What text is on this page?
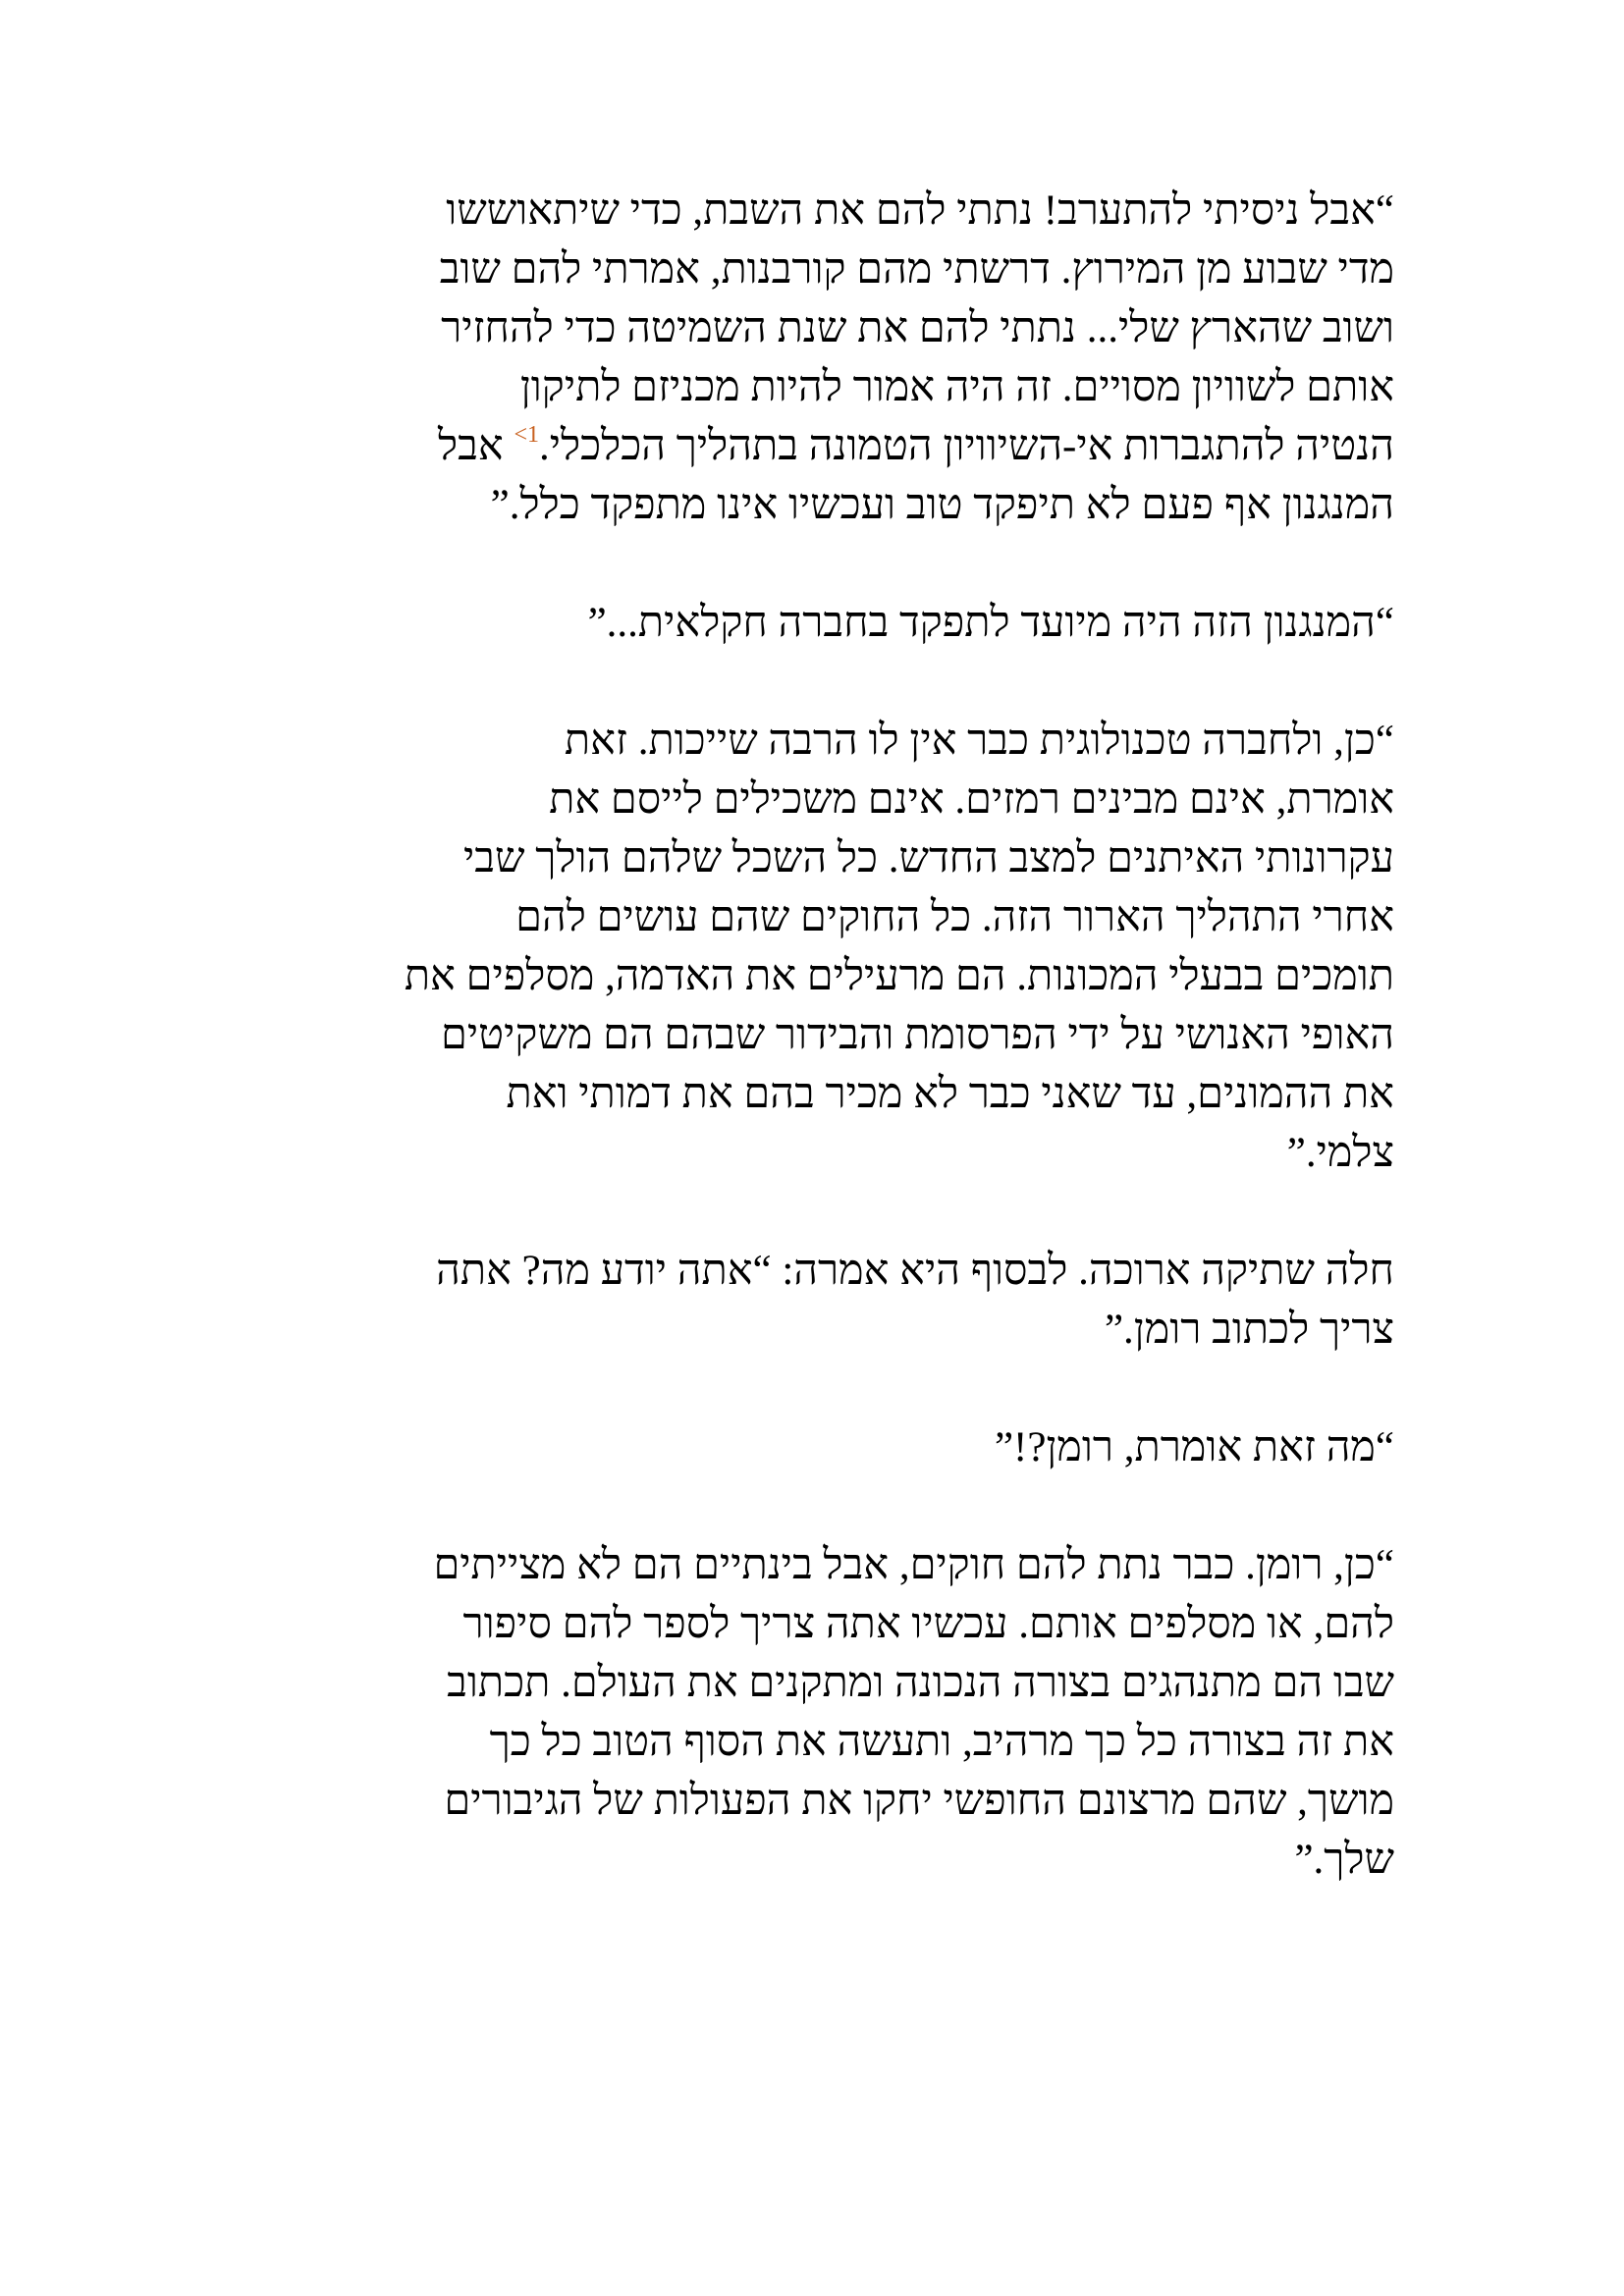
“אבל ניסיתי להתערב! נתתי להם את השבת, כדי שיתאוששו
מדי שבוע מן המירוץ. דרשתי מהם קורבנות, אמרתי להם שוב
ושוב שהארץ שלי... נתתי להם את שנת השמיטה כדי להחזיר
אותם לשוויון מסויים. זה היה אמור להיות מכניזם לתיקון
הנטיה להתגברות אי-השיוויון הטמונה בתהליך הכלכלי.$^{1>}$ אבל
המנגנון אף פעם לא תיפקד טוב ועכשיו אינו מתפקד כלל.”

“המנגנון הזה היה מיועד לתפקד בחברה חקלאית...”

“כן, ולחברה טכנולוגית כבר אין לו הרבה שייכות. זאת
אומרת, אינם מבינים רמזים. אינם משכילים לייסם את
עקרונותי האיתנים למצב החדש. כל השכל שלהם הולך שבי
אחרי התהליך הארור הזה. כל החוקים שהם עושים להם
תומכים בבעלי המכונות. הם מרעילים את האדמה, מסלפים את
האופי האנושי על ידי הפרסומת והבידור שבהם הם משקיטים
את ההמונים, עד שאני כבר לא מכיר בהם את דמותי ואת
צלמי.”

חלה שתיקה ארוכה. לבסוף היא אמרה: “אתה יודע מה? אתה
צריך לכתוב רומן.”

“מה זאת אומרת, רומן?!”

“כן, רומן. כבר נתת להם חוקים, אבל בינתיים הם לא מצייתים
להם, או מסלפים אותם. עכשיו אתה צריך לספר להם סיפור
שבו הם מתנהגים בצורה הנכונה ומתקנים את העולם. תכתוב
את זה בצורה כל כך מרהיב, ותעשה את הסוף הטוב כל כך
מושך, שהם מרצונם החופשי יחקו את הפעולות של הגיבורים
שלך.”
